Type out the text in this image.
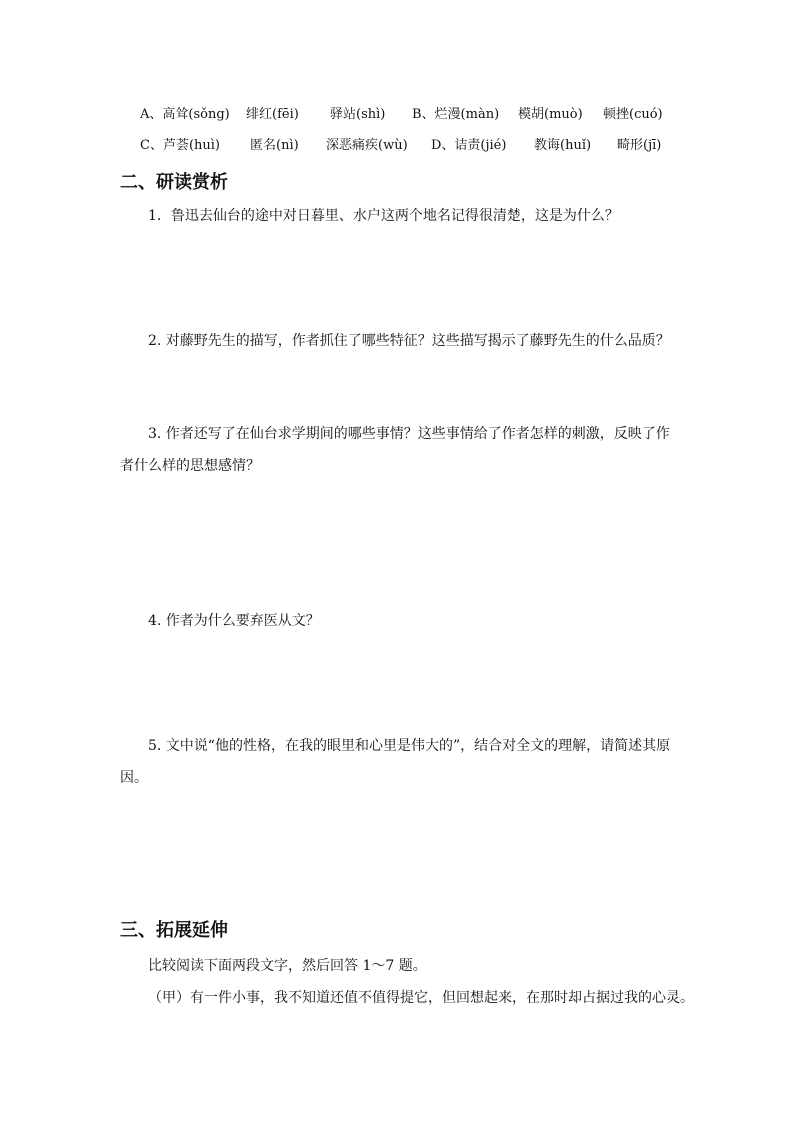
A、高耸(sǒng) 绯红(fēi) 驿站(shì) B、烂漫(màn) 模胡(muò) 顿挫(cuó)
C、芦荟(huì) 匿名(nì) 深恶痛疾(wù) D、诘责(jié) 教诲(huǐ) 畸形(jī)
二、研读赏析
1．鲁迅去仙台的途中对日暮里、水户这两个地名记得很清楚，这是为什么？
2. 对藤野先生的描写，作者抓住了哪些特征？这些描写揭示了藤野先生的什么品质？
3. 作者还写了在仙台求学期间的哪些事情？这些事情给了作者怎样的刺激，反映了作
者什么样的思想感情？
4. 作者为什么要弃医从文？
5. 文中说“他的性格，在我的眼里和心里是伟大的”，结合对全文的理解，请简述其原
因。
三、拓展延伸
比较阅读下面两段文字，然后回答 1～7 题。
（甲）有一件小事，我不知道还值不值得提它，但回想起来，在那时却占据过我的心灵。
